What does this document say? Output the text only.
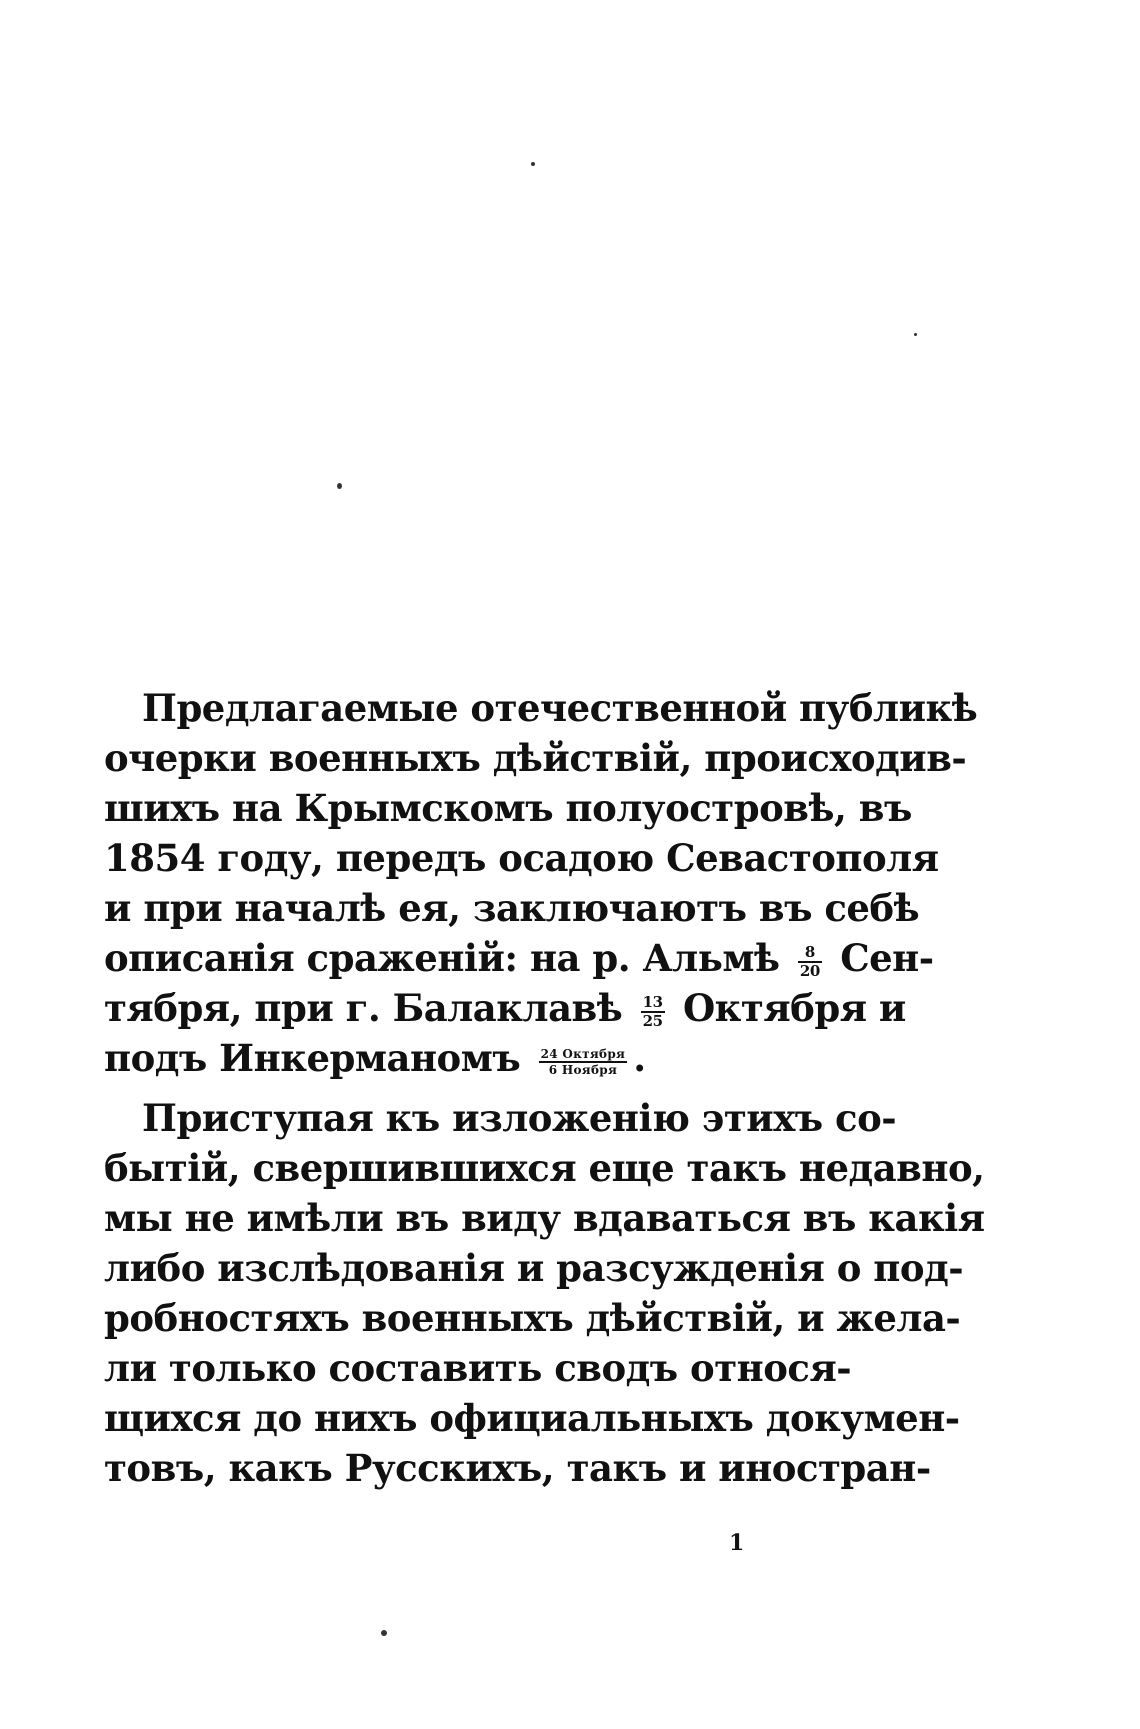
Предлагаемые отечественной публикѣ
очерки военныхъ дѣйствій, происходив-
шихъ на Крымскомъ полуостровѣ, въ
1854 году, передъ осадою Севастополя
и при началѣ ея, заключаютъ въ себѣ
описанія сраженій: на р. Альмѣ $\frac{8}{20} Сен-$
тября, при г. Балаклавѣ $\frac{13}{25}$ Октября и
подъ Инкерманомъ $\frac{\text{24 Октября}}{\text{6 Ноября}}$ .
Приступая къ изложенію этихъ со-
бытій, свершившихся еще такъ недавно,
мы не имѣли въ виду вдаваться въ какія
либо изслѣдованія и разсужденія о под-
робностяхъ военныхъ дѣйствій, и жела-
ли только составить сводъ относя-
щихся до нихъ официальныхъ докумен-
товъ, какъ Русскихъ, такъ и иностран-
1
